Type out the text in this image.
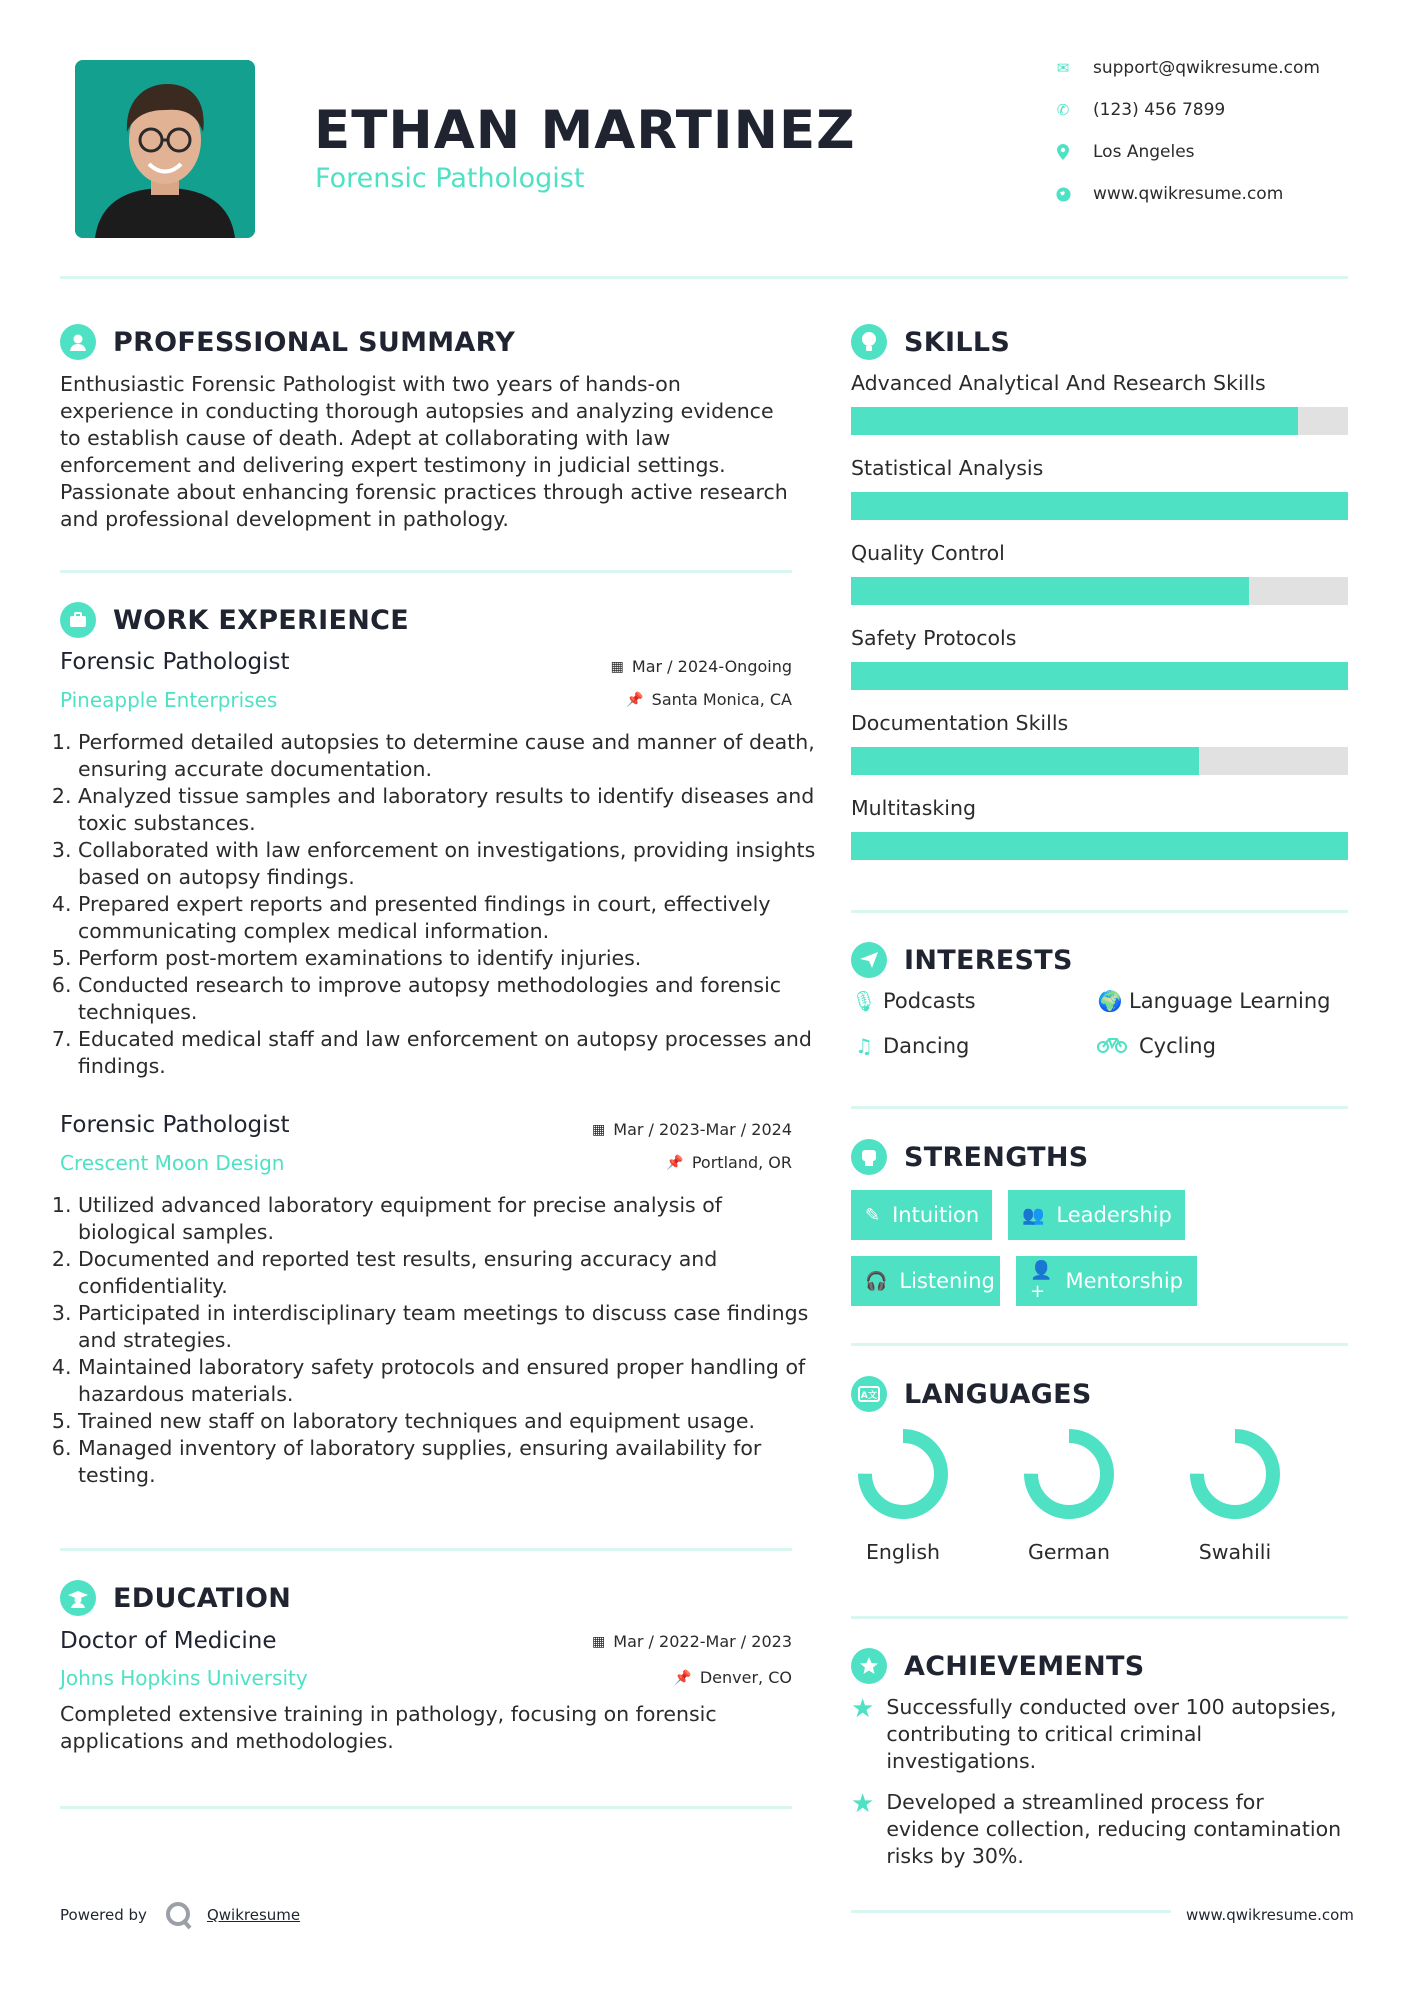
ETHAN MARTINEZ
Forensic Pathologist
✉ support@qwikresume.com
✆ (123) 456 7899
Los Angeles
www.qwikresume.com
PROFESSIONAL SUMMARY
Enthusiastic Forensic Pathologist with two years of hands-on experience in conducting thorough autopsies and analyzing evidence to establish cause of death. Adept at collaborating with law enforcement and delivering expert testimony in judicial settings. Passionate about enhancing forensic practices through active research and professional development in pathology.
WORK EXPERIENCE
Forensic Pathologist	▦ Mar / 2024-Ongoing
Pineapple Enterprises	📌 Santa Monica, CA
1. Performed detailed autopsies to determine cause and manner of death, ensuring accurate documentation.
2. Analyzed tissue samples and laboratory results to identify diseases and toxic substances.
3. Collaborated with law enforcement on investigations, providing insights based on autopsy findings.
4. Prepared expert reports and presented findings in court, effectively communicating complex medical information.
5. Perform post-mortem examinations to identify injuries.
6. Conducted research to improve autopsy methodologies and forensic techniques.
7. Educated medical staff and law enforcement on autopsy processes and findings.
Forensic Pathologist	▦ Mar / 2023-Mar / 2024
Crescent Moon Design	📌 Portland, OR
1. Utilized advanced laboratory equipment for precise analysis of biological samples.
2. Documented and reported test results, ensuring accuracy and confidentiality.
3. Participated in interdisciplinary team meetings to discuss case findings and strategies.
4. Maintained laboratory safety protocols and ensured proper handling of hazardous materials.
5. Trained new staff on laboratory techniques and equipment usage.
6. Managed inventory of laboratory supplies, ensuring availability for testing.
EDUCATION
Doctor of Medicine	▦ Mar / 2022-Mar / 2023
Johns Hopkins University	📌 Denver, CO
Completed extensive training in pathology, focusing on forensic applications and methodologies.
SKILLS
Advanced Analytical And Research Skills
Statistical Analysis
Quality Control
Safety Protocols
Documentation Skills
Multitasking
INTERESTS
🎙 Podcasts	🌍 Language Learning
♫ Dancing	Cycling
STRENGTHS
✎ Intuition 👥 Leadership
🎧 Listening 👤+ Mentorship
A文 LANGUAGES
English	German	Swahili
ACHIEVEMENTS
★ Successfully conducted over 100 autopsies, contributing to critical criminal investigations.
★ Developed a streamlined process for evidence collection, reducing contamination risks by 30%.
Powered by	Qwikresume	www.qwikresume.com
